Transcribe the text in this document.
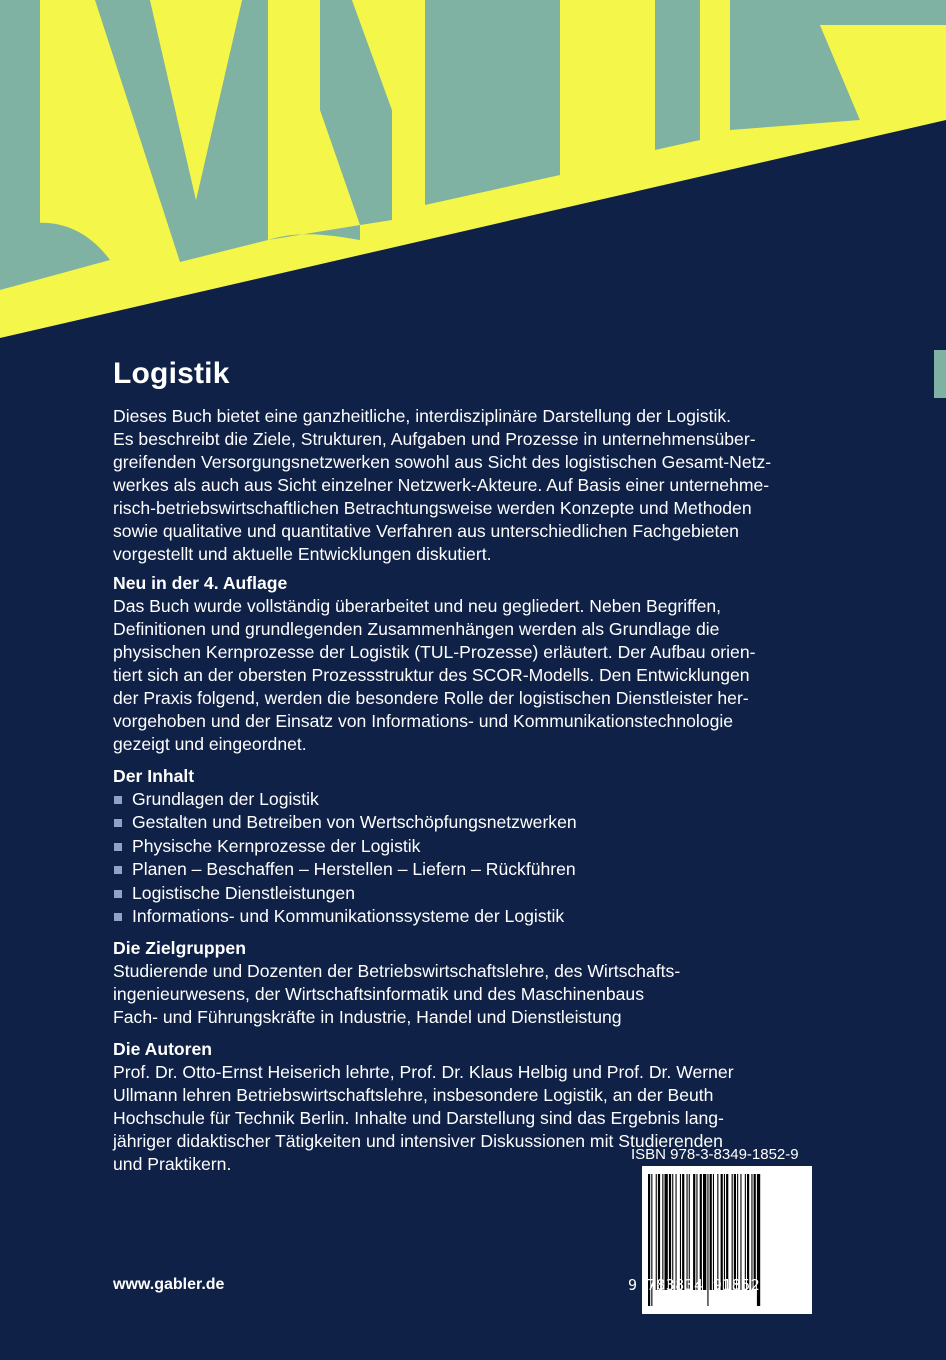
Logistik
Dieses Buch bietet eine ganzheitliche, interdisziplinäre Darstellung der Logistik.
Es beschreibt die Ziele, Strukturen, Aufgaben und Prozesse in unternehmensüber-
greifenden Versorgungsnetzwerken sowohl aus Sicht des logistischen Gesamt-Netz-
werkes als auch aus Sicht einzelner Netzwerk-Akteure. Auf Basis einer unternehme-
risch-betriebswirtschaftlichen Betrachtungsweise werden Konzepte und Methoden
sowie qualitative und quantitative Verfahren aus unterschiedlichen Fachgebieten
vorgestellt und aktuelle Entwicklungen diskutiert.
Neu in der 4. Auflage
Das Buch wurde vollständig überarbeitet und neu gegliedert. Neben Begriffen,
Definitionen und grundlegenden Zusammenhängen werden als Grundlage die
physischen Kernprozesse der Logistik (TUL-Prozesse) erläutert. Der Aufbau orien-
tiert sich an der obersten Prozessstruktur des SCOR-Modells. Den Entwicklungen
der Praxis folgend, werden die besondere Rolle der logistischen Dienstleister her-
vorgehoben und der Einsatz von Informations- und Kommunikationstechnologie
gezeigt und eingeordnet.
Der Inhalt
Grundlagen der Logistik
Gestalten und Betreiben von Wertschöpfungsnetzwerken
Physische Kernprozesse der Logistik
Planen – Beschaffen – Herstellen – Liefern – Rückführen
Logistische Dienstleistungen
Informations- und Kommunikationssysteme der Logistik
Die Zielgruppen
Studierende und Dozenten der Betriebswirtschaftslehre, des Wirtschafts-
ingenieurwesens, der Wirtschaftsinformatik und des Maschinenbaus
Fach- und Führungskräfte in Industrie, Handel und Dienstleistung
Die Autoren
Prof. Dr. Otto-Ernst Heiserich lehrte, Prof. Dr. Klaus Helbig und Prof. Dr. Werner
Ullmann lehren Betriebswirtschaftslehre, insbesondere Logistik, an der Beuth
Hochschule für Technik Berlin. Inhalte und Darstellung sind das Ergebnis lang-
jähriger didaktischer Tätigkeiten und intensiver Diskussionen mit Studierenden
und Praktikern.	ISBN 978-3-8349-1852-9
9 783834 918529
www.gabler.de
